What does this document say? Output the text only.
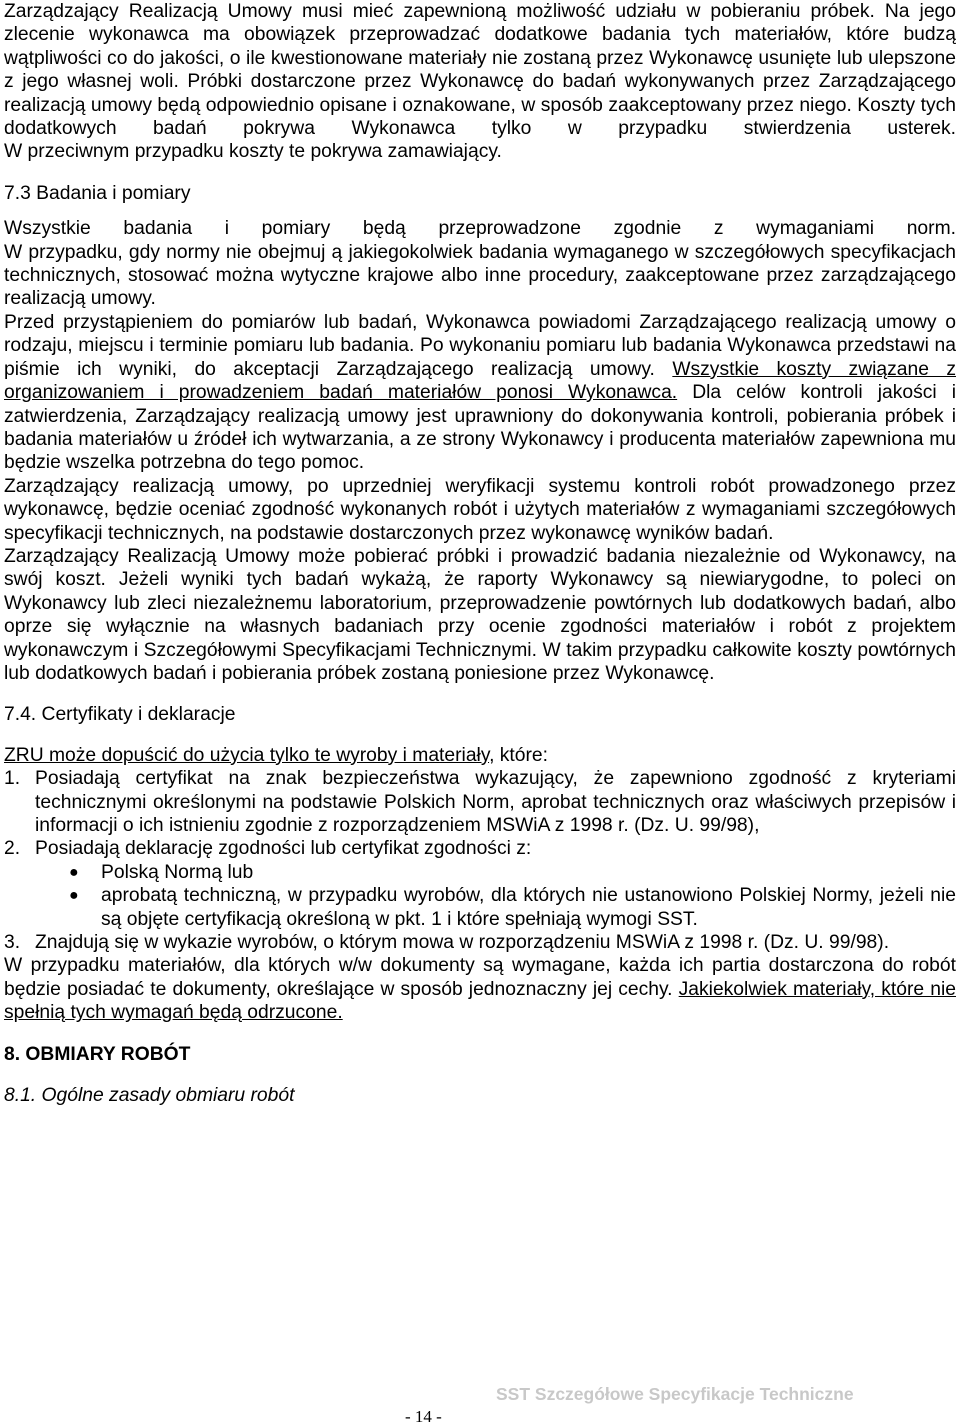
Zarządzający Realizacją Umowy musi mieć zapewnioną możliwość udziału w pobieraniu próbek. Na jego zlecenie wykonawca ma obowiązek przeprowadzać dodatkowe badania tych materiałów, które budzą wątpliwości co do jakości, o ile kwestionowane materiały nie zostaną przez Wykonawcę usunięte lub ulepszone z jego własnej woli. Próbki dostarczone przez Wykonawcę do badań wykonywanych przez Zarządzającego realizacją umowy będą odpowiednio opisane i oznakowane, w sposób zaakceptowany przez niego. Koszty tych dodatkowych badań pokrywa Wykonawca tylko w przypadku stwierdzenia usterek.

W przeciwnym przypadku koszty te pokrywa zamawiający.

7.3 Badania i pomiary

Wszystkie badania i pomiary będą przeprowadzone zgodnie z wymaganiami norm.

W przypadku, gdy normy nie obejmuj ą jakiegokolwiek badania wymaganego w szczegółowych specyfikacjach technicznych, stosować można wytyczne krajowe albo inne procedury, zaakceptowane przez zarządzającego realizacją umowy.

Przed przystąpieniem do pomiarów lub badań, Wykonawca powiadomi Zarządzającego realizacją umowy o rodzaju, miejscu i terminie pomiaru lub badania. Po wykonaniu pomiaru lub badania Wykonawca przedstawi na piśmie ich wyniki, do akceptacji Zarządzającego realizacją umowy. Wszystkie koszty związane z organizowaniem i prowadzeniem badań materiałów ponosi Wykonawca. Dla celów kontroli jakości i zatwierdzenia, Zarządzający realizacją umowy jest uprawniony do dokonywania kontroli, pobierania próbek i badania materiałów u źródeł ich wytwarzania, a ze strony Wykonawcy i producenta materiałów zapewniona mu będzie wszelka potrzebna do tego pomoc.

Zarządzający realizacją umowy, po uprzedniej weryfikacji systemu kontroli robót prowadzonego przez wykonawcę, będzie oceniać zgodność wykonanych robót i użytych materiałów z wymaganiami szczegółowych specyfikacji technicznych, na podstawie dostarczonych przez wykonawcę wyników badań.

Zarządzający Realizacją Umowy może pobierać próbki i prowadzić badania niezależnie od Wykonawcy, na swój koszt. Jeżeli wyniki tych badań wykażą, że raporty Wykonawcy są niewiarygodne, to poleci on Wykonawcy lub zleci niezależnemu laboratorium, przeprowadzenie powtórnych lub dodatkowych badań, albo oprze się wyłącznie na własnych badaniach przy ocenie zgodności materiałów i robót z projektem wykonawczym i Szczegółowymi Specyfikacjami Technicznymi. W takim przypadku całkowite koszty powtórnych lub dodatkowych badań i pobierania próbek zostaną poniesione przez Wykonawcę.

7.4. Certyfikaty i deklaracje

ZRU może dopuścić do użycia tylko te wyroby i materiały, które:

1. Posiadają certyfikat na znak bezpieczeństwa wykazujący, że zapewniono zgodność z kryteriami technicznymi określonymi na podstawie Polskich Norm, aprobat technicznych oraz właściwych przepisów i informacji o ich istnieniu zgodnie z rozporządzeniem MSWiA z 1998 r. (Dz. U. 99/98),
2. Posiadają deklarację zgodności lub certyfikat zgodności z:
●	Polską Normą lub
●	aprobatą techniczną, w przypadku wyrobów, dla których nie ustanowiono Polskiej Normy, jeżeli nie są objęte certyfikacją określoną w pkt. 1 i które spełniają wymogi SST.
3. Znajdują się w wykazie wyrobów, o którym mowa w rozporządzeniu MSWiA z 1998 r. (Dz. U. 99/98).

W przypadku materiałów, dla których w/w dokumenty są wymagane, każda ich partia dostarczona do robót będzie posiadać te dokumenty, określające w sposób jednoznaczny jej cechy. Jakiekolwiek materiały, które nie spełnią tych wymagań będą odrzucone.

8. OBMIARY ROBÓT

8.1. Ogólne zasady obmiaru robót

SST Szczegółowe Specyfikacje Techniczne
- 14 -
